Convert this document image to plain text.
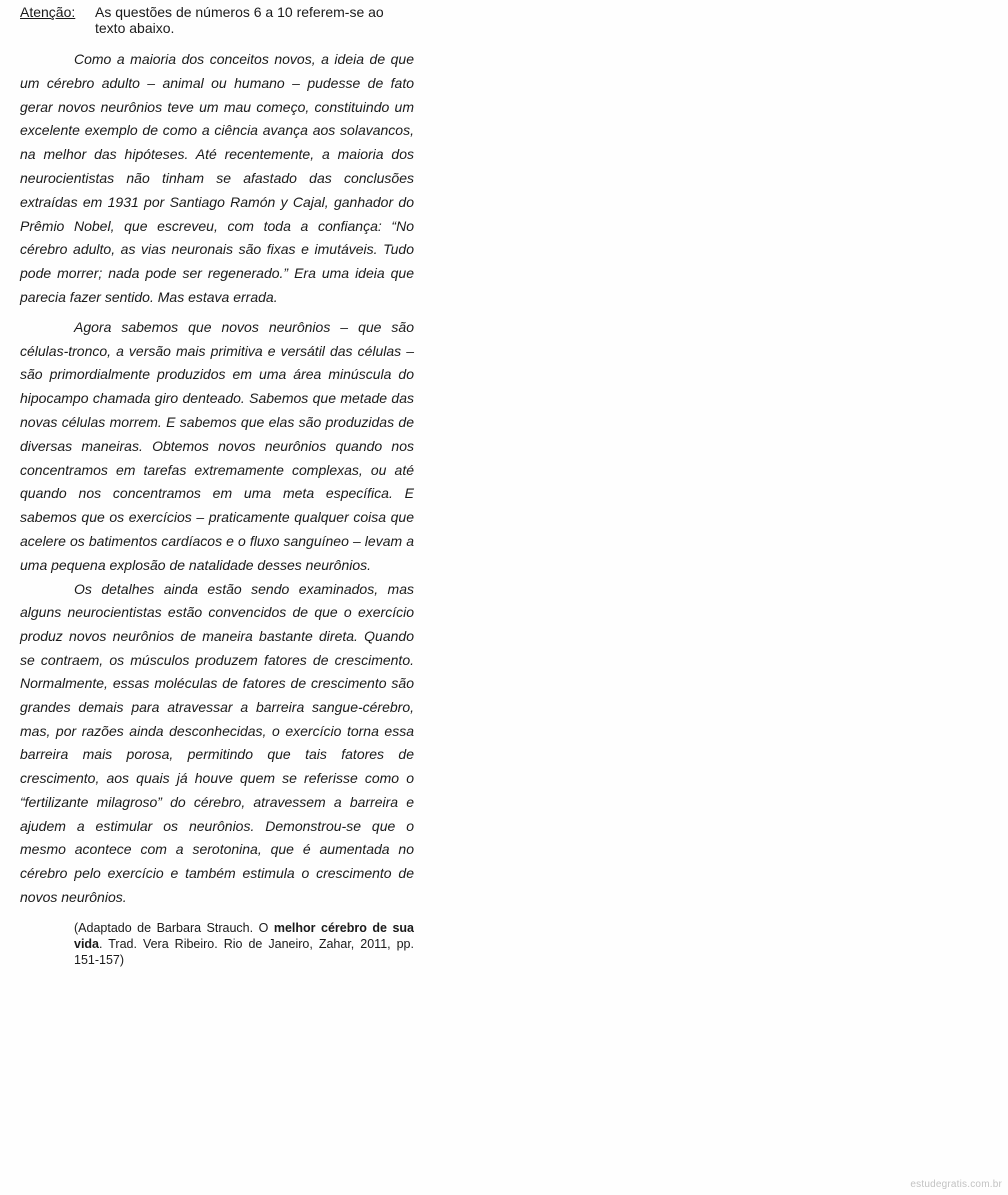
Atenção:	As questões de números 6 a 10 referem-se ao texto abaixo.

Como a maioria dos conceitos novos, a ideia de que um cérebro adulto – animal ou humano – pudesse de fato gerar novos neurônios teve um mau começo, constituindo um excelente exemplo de como a ciência avança aos solavancos, na melhor das hipóteses. Até recentemente, a maioria dos neurocientistas não tinham se afastado das conclusões extraídas em 1931 por Santiago Ramón y Cajal, ganhador do Prêmio Nobel, que escreveu, com toda a confiança: “No cérebro adulto, as vias neuronais são fixas e imutáveis. Tudo pode morrer; nada pode ser regenerado.” Era uma ideia que parecia fazer sentido. Mas estava errada.

Agora sabemos que novos neurônios – que são células-tronco, a versão mais primitiva e versátil das células – são primordialmente produzidos em uma área minúscula do hipocampo chamada giro denteado. Sabemos que metade das novas células morrem. E sabemos que elas são produzidas de diversas maneiras. Obtemos novos neurônios quando nos concentramos em tarefas extremamente complexas, ou até quando nos concentramos em uma meta específica. E sabemos que os exercícios – praticamente qualquer coisa que acelere os batimentos cardíacos e o fluxo sanguíneo – levam a uma pequena explosão de natalidade desses neurônios.

Os detalhes ainda estão sendo examinados, mas alguns neurocientistas estão convencidos de que o exercício produz novos neurônios de maneira bastante direta. Quando se contraem, os músculos produzem fatores de crescimento. Normalmente, essas moléculas de fatores de crescimento são grandes demais para atravessar a barreira sangue-cérebro, mas, por razões ainda desconhecidas, o exercício torna essa barreira mais porosa, permitindo que tais fatores de crescimento, aos quais já houve quem se referisse como o “fertilizante milagroso” do cérebro, atravessem a barreira e ajudem a estimular os neurônios. Demonstrou-se que o mesmo acontece com a serotonina, que é aumentada no cérebro pelo exercício e também estimula o crescimento de novos neurônios.

(Adaptado de Barbara Strauch. O melhor cérebro de sua vida. Trad. Vera Ribeiro. Rio de Janeiro, Zahar, 2011, pp. 151-157)
estudegratis.com.br
